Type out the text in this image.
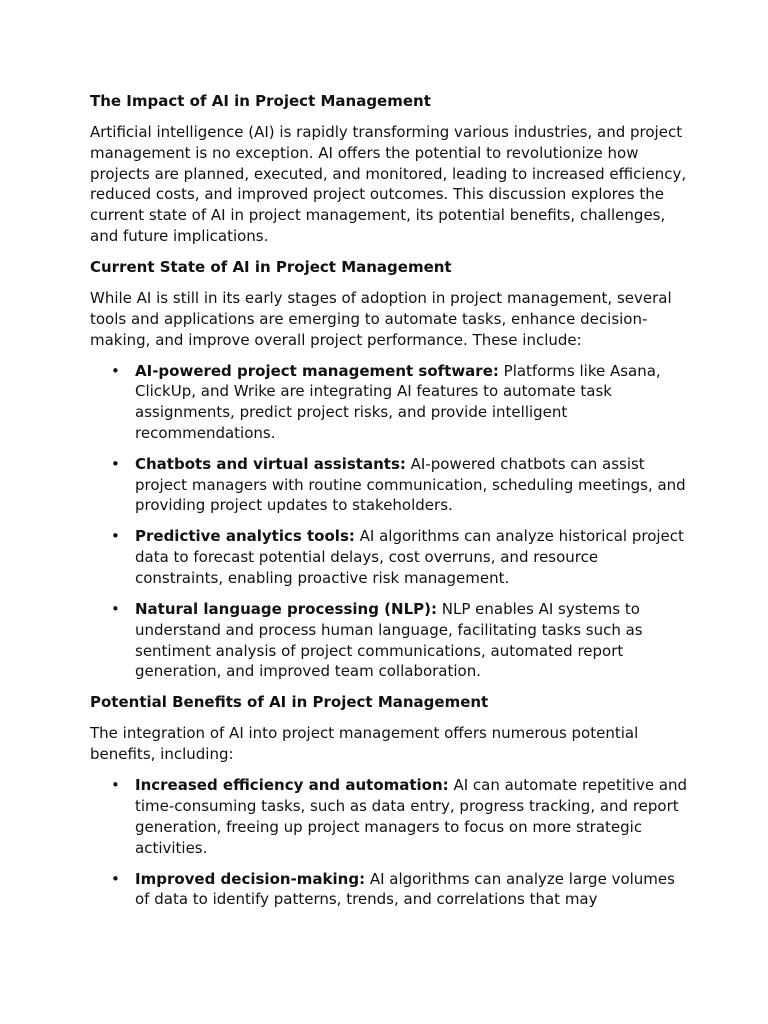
The Impact of AI in Project Management

Artificial intelligence (AI) is rapidly transforming various industries, and project management is no exception. AI offers the potential to revolutionize how projects are planned, executed, and monitored, leading to increased efficiency, reduced costs, and improved project outcomes. This discussion explores the current state of AI in project management, its potential benefits, challenges, and future implications.

Current State of AI in Project Management

While AI is still in its early stages of adoption in project management, several tools and applications are emerging to automate tasks, enhance decision-making, and improve overall project performance. These include:

• AI-powered project management software: Platforms like Asana, ClickUp, and Wrike are integrating AI features to automate task assignments, predict project risks, and provide intelligent recommendations.
• Chatbots and virtual assistants: AI-powered chatbots can assist project managers with routine communication, scheduling meetings, and providing project updates to stakeholders.
• Predictive analytics tools: AI algorithms can analyze historical project data to forecast potential delays, cost overruns, and resource constraints, enabling proactive risk management.
• Natural language processing (NLP): NLP enables AI systems to understand and process human language, facilitating tasks such as sentiment analysis of project communications, automated report generation, and improved team collaboration.

Potential Benefits of AI in Project Management

The integration of AI into project management offers numerous potential benefits, including:

• Increased efficiency and automation: AI can automate repetitive and time-consuming tasks, such as data entry, progress tracking, and report generation, freeing up project managers to focus on more strategic activities.
• Improved decision-making: AI algorithms can analyze large volumes of data to identify patterns, trends, and correlations that may
